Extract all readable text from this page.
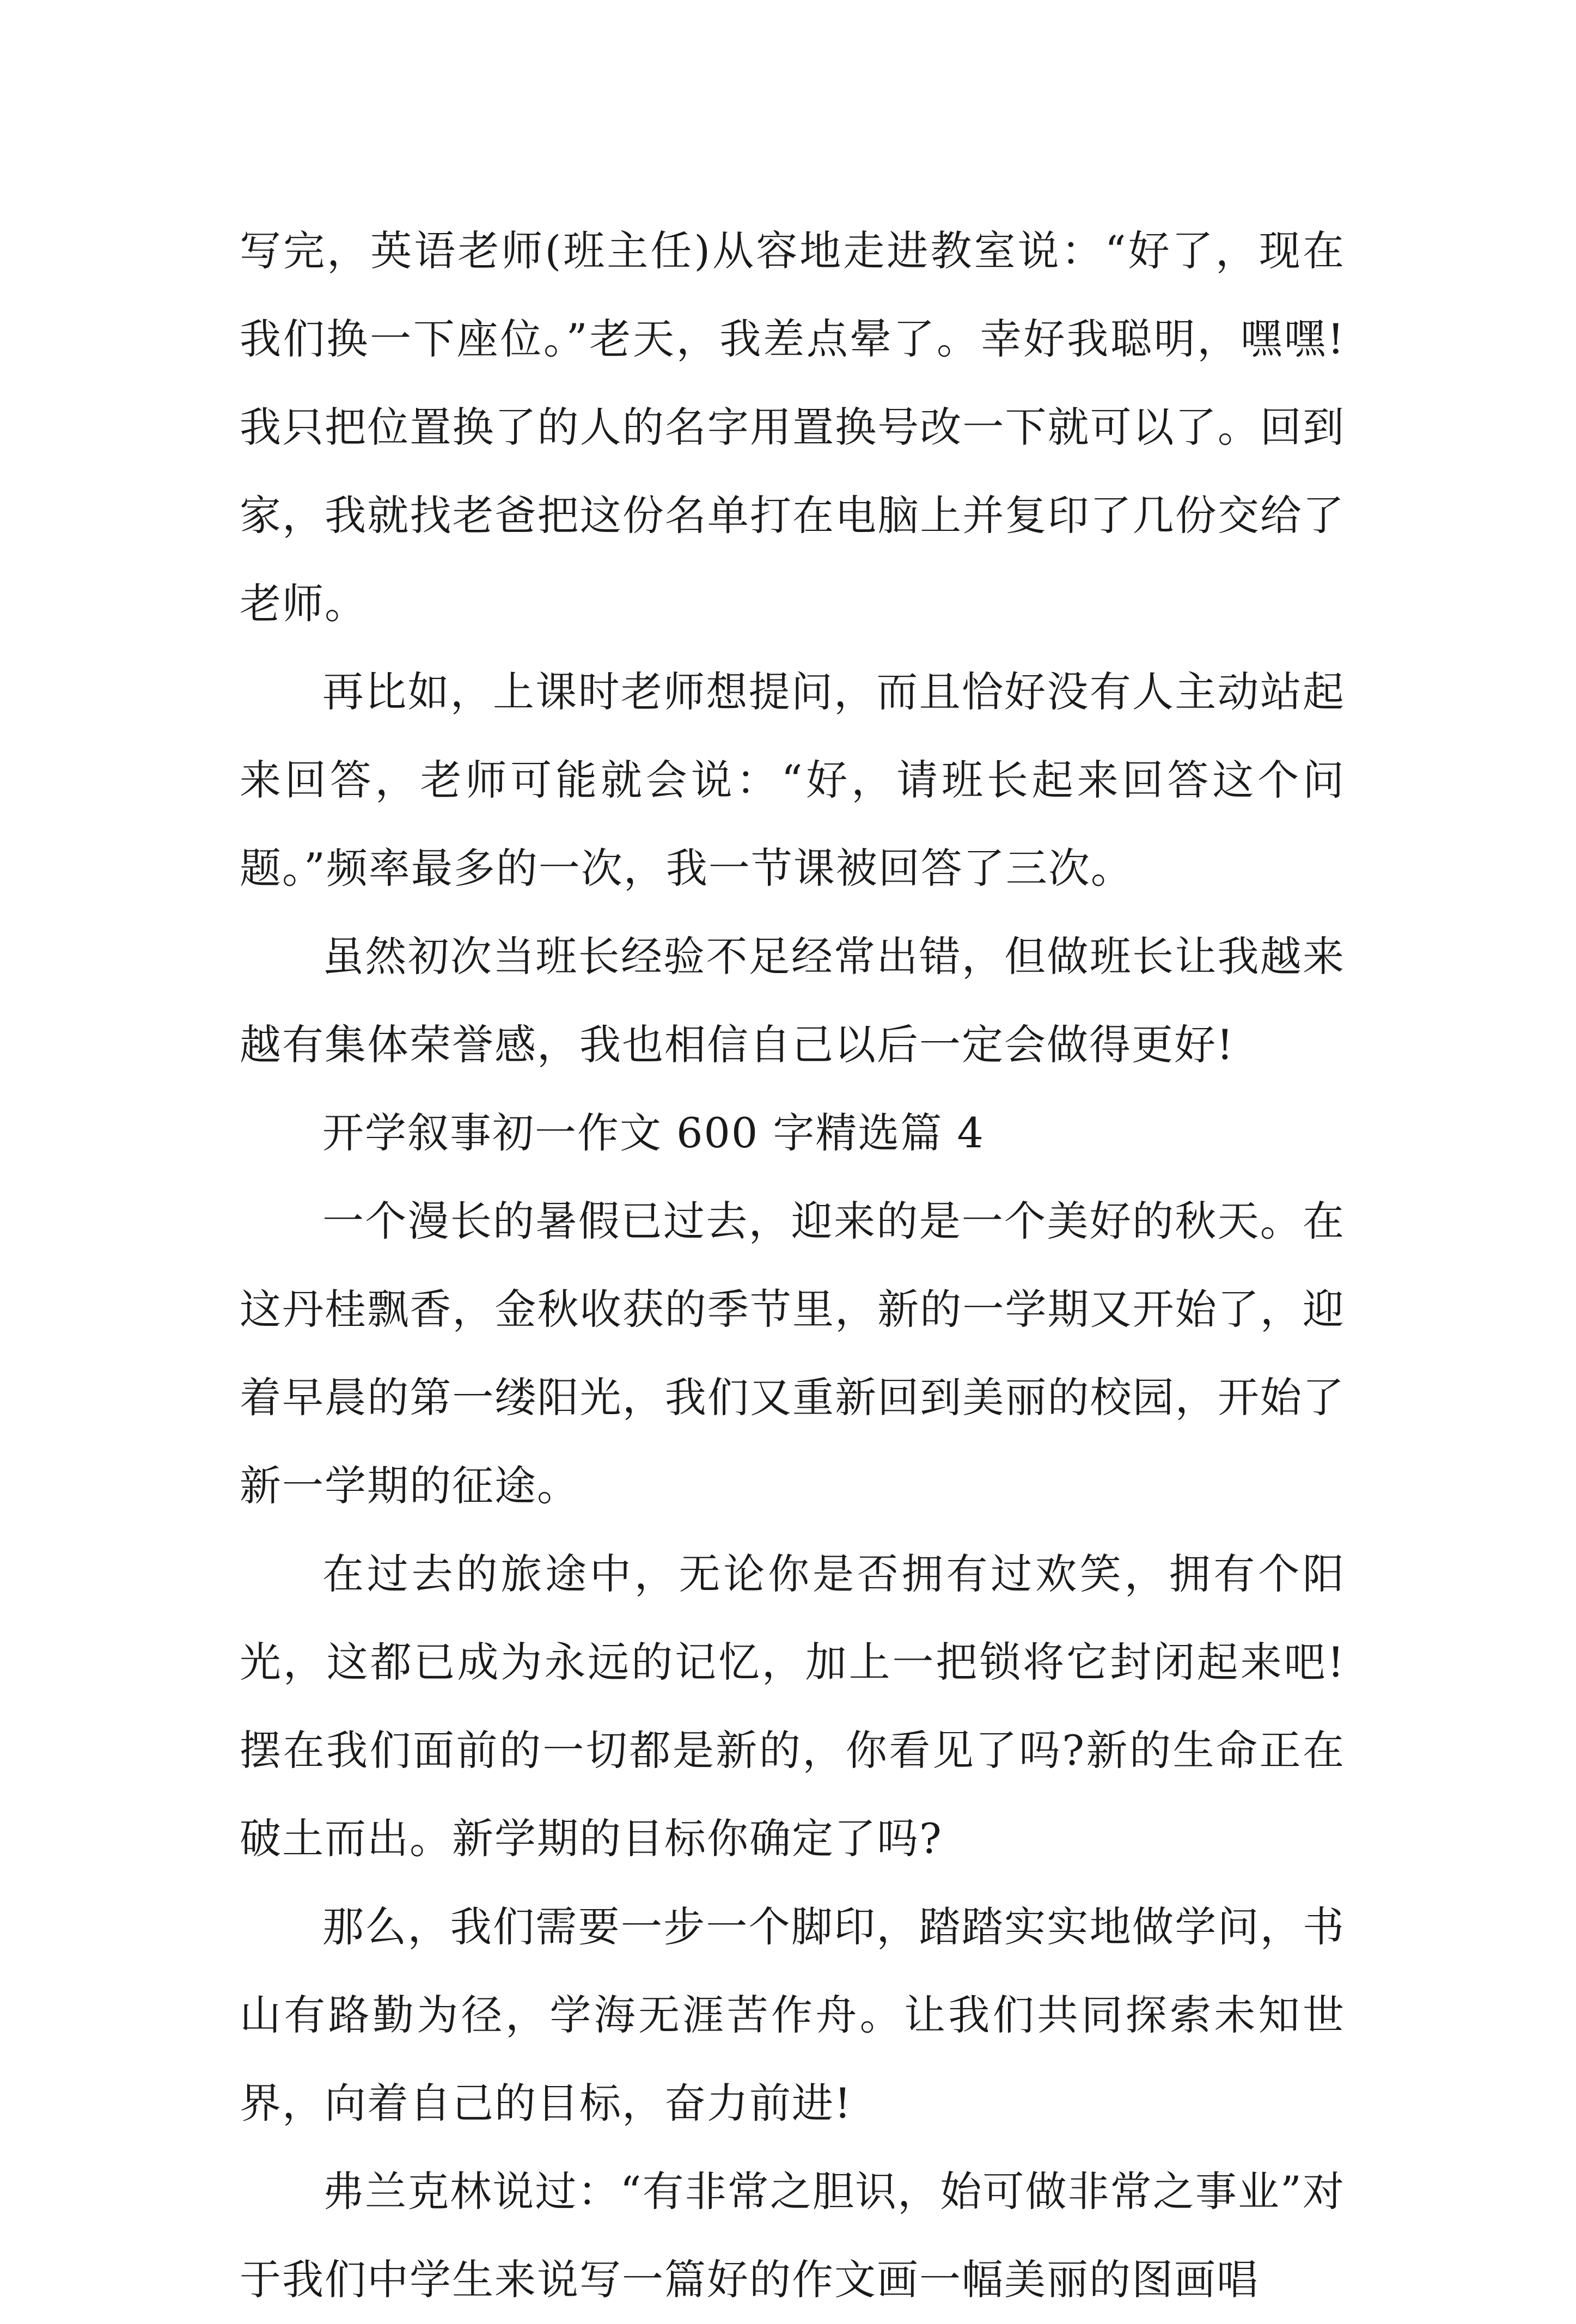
写完，英语老师(班主任)从容地走进教室说：“好了，现在我们换一下座位。”老天，我差点晕了。幸好我聪明，嘿嘿!我只把位置换了的人的名字用置换号改一下就可以了。回到家，我就找老爸把这份名单打在电脑上并复印了几份交给了老师。

再比如，上课时老师想提问，而且恰好没有人主动站起来回答，老师可能就会说：“好，请班长起来回答这个问题。”频率最多的一次，我一节课被回答了三次。

虽然初次当班长经验不足经常出错，但做班长让我越来越有集体荣誉感，我也相信自己以后一定会做得更好!

开学叙事初一作文 600 字精选篇 4

一个漫长的暑假已过去，迎来的是一个美好的秋天。在这丹桂飘香，金秋收获的季节里，新的一学期又开始了，迎着早晨的第一缕阳光，我们又重新回到美丽的校园，开始了新一学期的征途。

在过去的旅途中，无论你是否拥有过欢笑，拥有个阳光，这都已成为永远的记忆，加上一把锁将它封闭起来吧!摆在我们面前的一切都是新的，你看见了吗?新的生命正在破土而出。新学期的目标你确定了吗?

那么，我们需要一步一个脚印，踏踏实实地做学问，书山有路勤为径，学海无涯苦作舟。让我们共同探索未知世界，向着自己的目标，奋力前进!

弗兰克林说过：“有非常之胆识，始可做非常之事业”对于我们中学生来说写一篇好的作文画一幅美丽的图画唱
